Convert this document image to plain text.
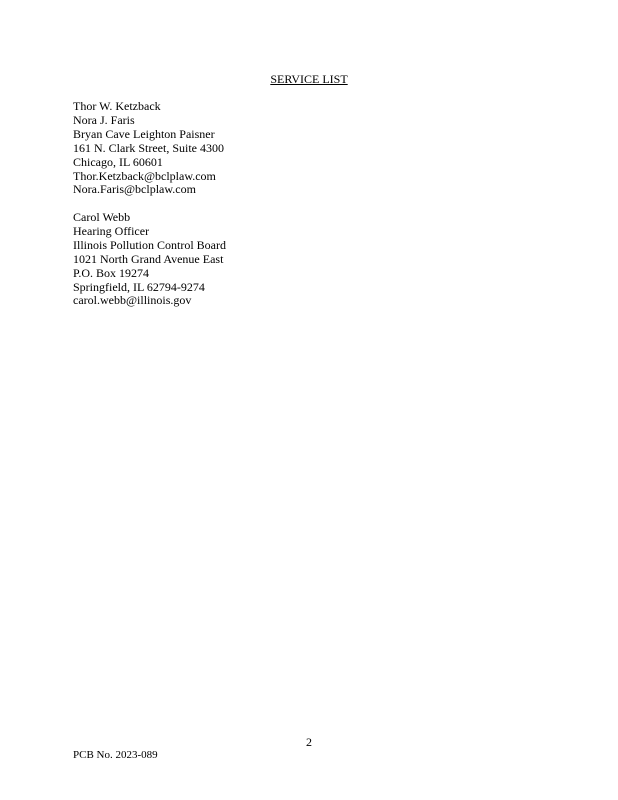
SERVICE LIST
Thor W. Ketzback
Nora J. Faris
Bryan Cave Leighton Paisner
161 N. Clark Street, Suite 4300
Chicago, IL 60601
Thor.Ketzback@bclplaw.com
Nora.Faris@bclplaw.com
Carol Webb
Hearing Officer
Illinois Pollution Control Board
1021 North Grand Avenue East
P.O. Box 19274
Springfield, IL 62794-9274
carol.webb@illinois.gov
2
PCB No. 2023-089
